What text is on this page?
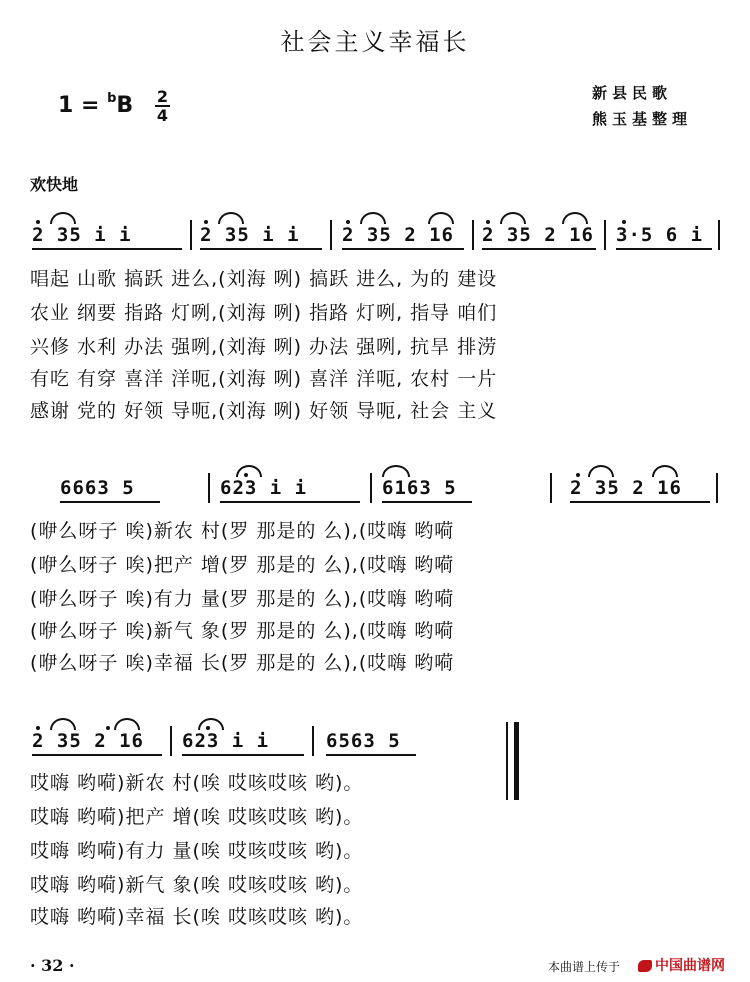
社会主义幸福长
$1 = ^bB \frac{2}{4}$	新县民歌
熊玉基整理
欢快地
2 35 i i	2 35 i i 2 35 2 16 2 35 2 16 3·5 6 i
唱起 山歌 搞跃 进么,(刘海 咧) 搞跃 进么, 为的 建设
农业 纲要 指路 灯咧,(刘海 咧) 指路 灯咧, 指导 咱们
兴修 水利 办法 强咧,(刘海 咧) 办法 强咧, 抗旱 排涝
有吃 有穿 喜洋 洋呃,(刘海 咧) 喜洋 洋呃, 农村 一片
感谢 党的 好领 导呃,(刘海 咧) 好领 导呃, 社会 主义
6663 5	623 i i	6163 5	2 35 2 16
(咿么呀子 唉)新农 村(罗 那是的 么),(哎嗨 哟嗬
(咿么呀子 唉)把产 增(罗 那是的 么),(哎嗨 哟嗬
(咿么呀子 唉)有力 量(罗 那是的 么),(哎嗨 哟嗬
(咿么呀子 唉)新气 象(罗 那是的 么),(哎嗨 哟嗬
(咿么呀子 唉)幸福 长(罗 那是的 么),(哎嗨 哟嗬
2 35 2 16 623 i i	6563 5
哎嗨 哟嗬)新农 村(唉 哎咳哎咳 哟)。
哎嗨 哟嗬)把产 增(唉 哎咳哎咳 哟)。
哎嗨 哟嗬)有力 量(唉 哎咳哎咳 哟)。
哎嗨 哟嗬)新气 象(唉 哎咳哎咳 哟)。
哎嗨 哟嗬)幸福 长(唉 哎咳哎咳 哟)。
· 32 ·	本曲谱上传于	中国曲谱网
